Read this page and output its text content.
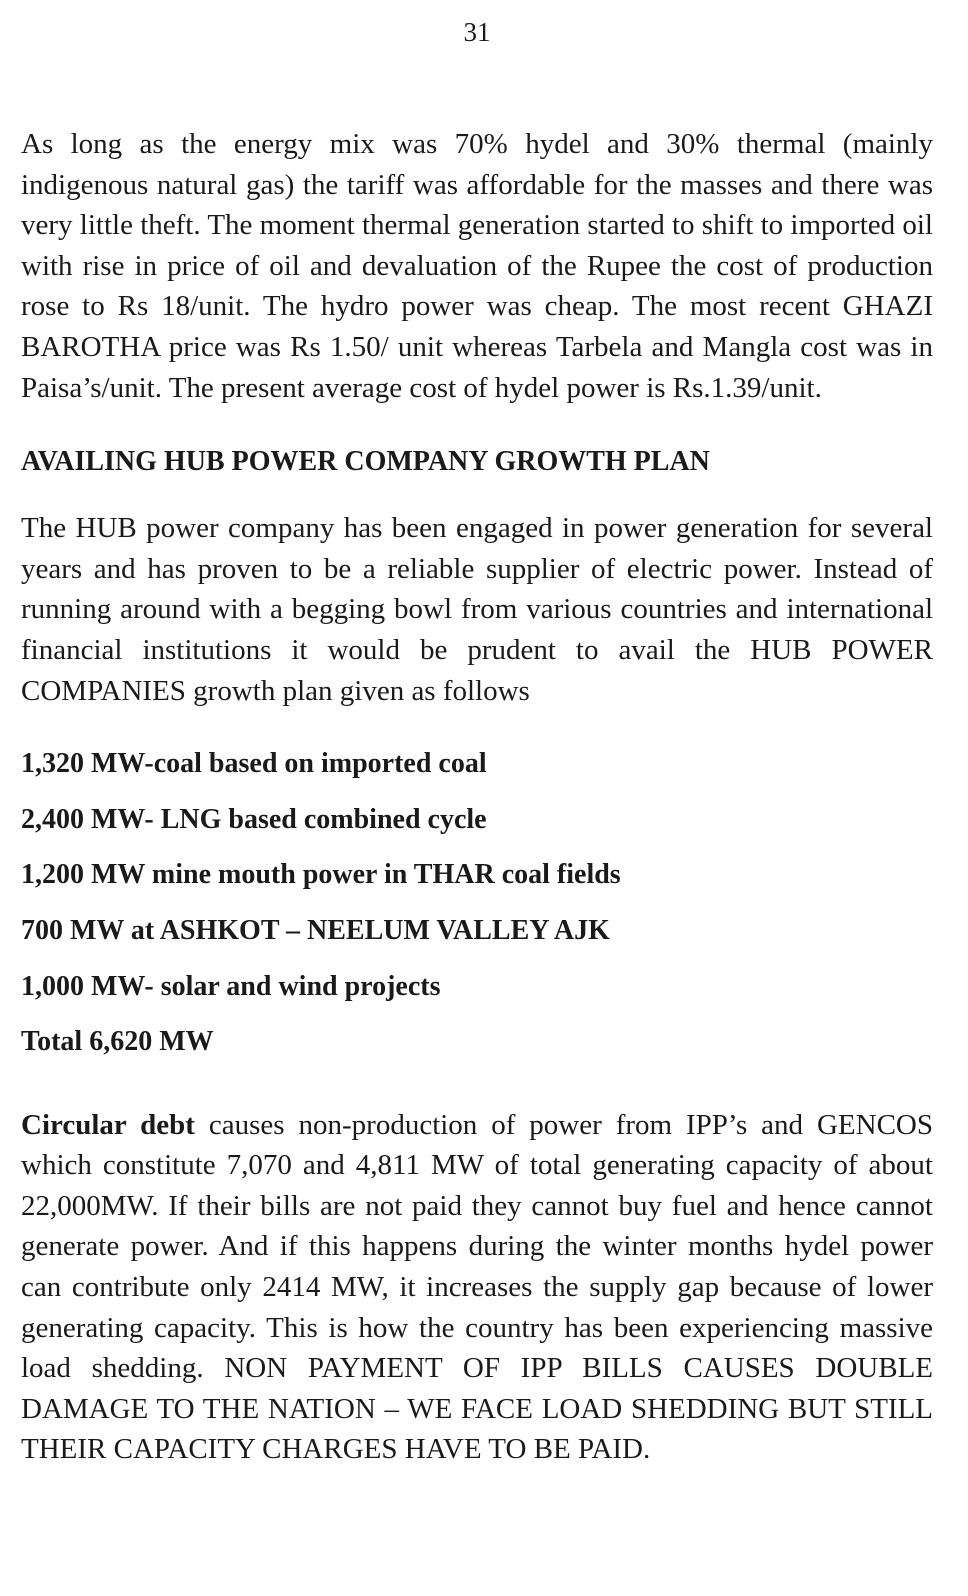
31

As long as the energy mix was 70% hydel and 30% thermal (mainly indigenous natural gas) the tariff was affordable for the masses and there was very little theft. The moment thermal generation started to shift to imported oil with rise in price of oil and devaluation of the Rupee the cost of production rose to Rs 18/unit. The hydro power was cheap. The most recent GHAZI BAROTHA price was Rs 1.50/ unit whereas Tarbela and Mangla cost was in Paisa’s/unit. The present average cost of hydel power is Rs.1.39/unit.

AVAILING HUB POWER COMPANY GROWTH PLAN

The HUB power company has been engaged in power generation for several years and has proven to be a reliable supplier of electric power. Instead of running around with a begging bowl from various countries and international financial institutions it would be prudent to avail the HUB POWER COMPANIES growth plan given as follows

1,320 MW-coal based on imported coal
2,400 MW- LNG based combined cycle
1,200 MW mine mouth power in THAR coal fields
700 MW at ASHKOT – NEELUM VALLEY AJK
1,000 MW- solar and wind projects
Total 6,620 MW

Circular debt causes non-production of power from IPP’s and GENCOS which constitute 7,070 and 4,811 MW of total generating capacity of about 22,000MW. If their bills are not paid they cannot buy fuel and hence cannot generate power. And if this happens during the winter months hydel power can contribute only 2414 MW, it increases the supply gap because of lower generating capacity. This is how the country has been experiencing massive load shedding. NON PAYMENT OF IPP BILLS CAUSES DOUBLE DAMAGE TO THE NATION – WE FACE LOAD SHEDDING BUT STILL THEIR CAPACITY CHARGES HAVE TO BE PAID.
